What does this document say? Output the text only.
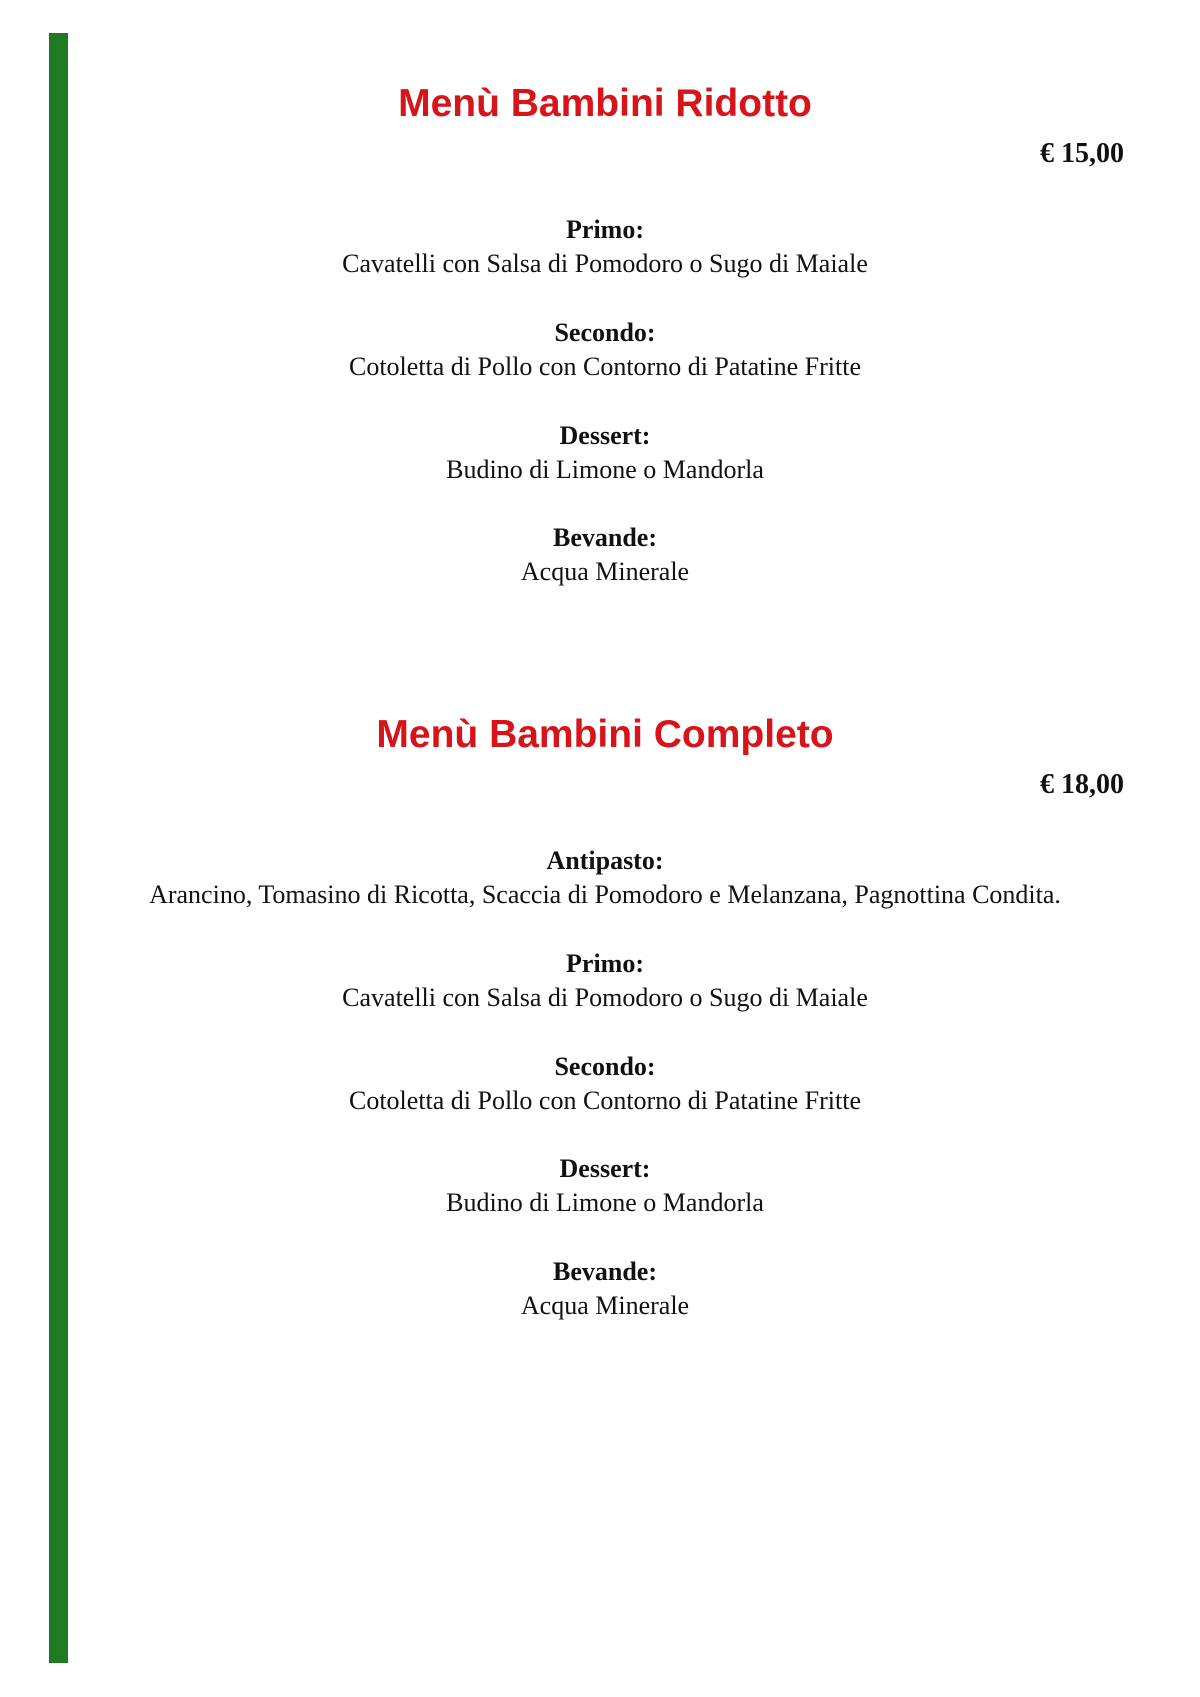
Menù Bambini Ridotto
€ 15,00
Primo:
Cavatelli con Salsa di Pomodoro o Sugo di Maiale
Secondo:
Cotoletta di Pollo con Contorno di Patatine Fritte
Dessert:
Budino di Limone o Mandorla
Bevande:
Acqua Minerale
Menù Bambini Completo
€ 18,00
Antipasto:
Arancino, Tomasino di Ricotta, Scaccia di Pomodoro e Melanzana, Pagnottina Condita.
Primo:
Cavatelli con Salsa di Pomodoro o Sugo di Maiale
Secondo:
Cotoletta di Pollo con Contorno di Patatine Fritte
Dessert:
Budino di Limone o Mandorla
Bevande:
Acqua Minerale
